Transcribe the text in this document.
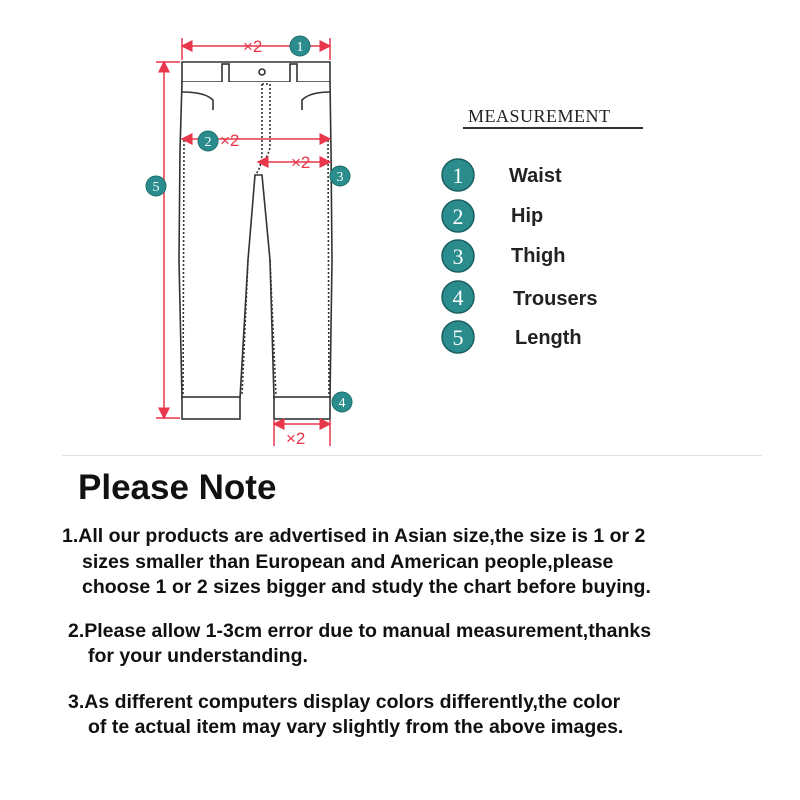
×2
×2
×2
×2
1
2
3
4
5	1
2
3
4
5
MEASUREMENT
Waist
Hip
Thigh
Trousers
Length
Please Note
1.All our products are advertised in Asian size,the size is 1 or 2
sizes smaller than European and American people,please
choose 1 or 2 sizes bigger and study the chart before buying.
2.Please allow 1-3cm error due to manual measurement,thanks
for your understanding.
3.As different computers display colors differently,the color
of te actual item may vary slightly from the above images.
